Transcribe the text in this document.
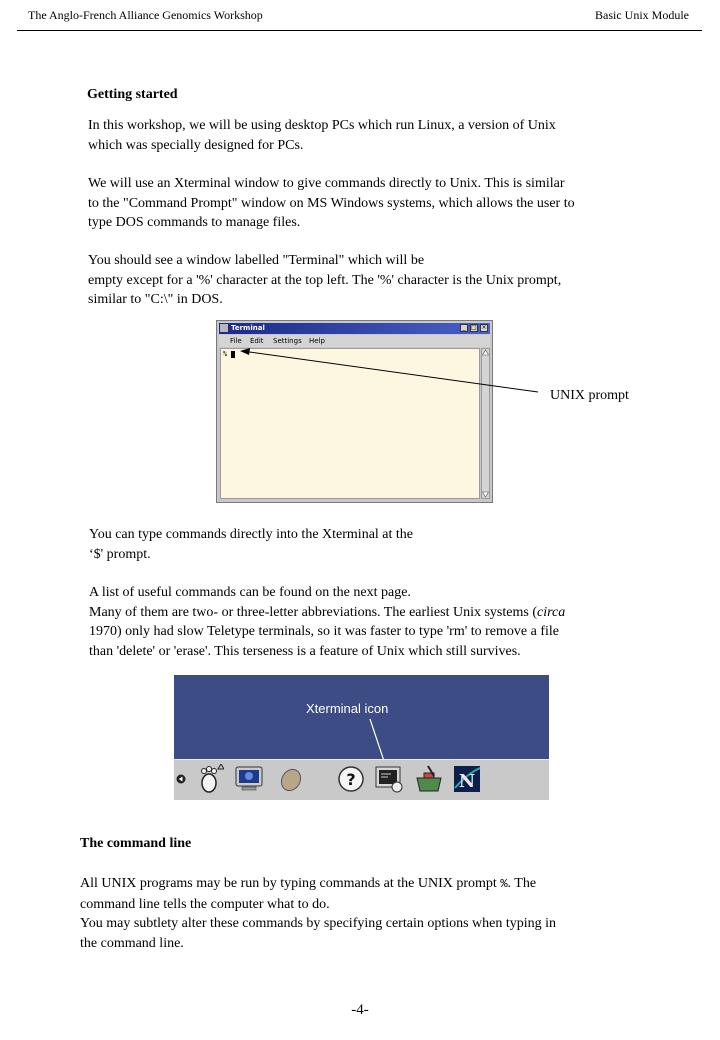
The Anglo-French Alliance Genomics Workshop	Basic Unix Module
Getting started

In this workshop, we will be using desktop PCs which run Linux, a version of Unix

which was specially designed for PCs.

We will use an Xterminal window to give commands directly to Unix. This is similar

to the "Command Prompt" window on MS Windows systems, which allows the user to

type DOS commands to manage files.

You should see a window labelled "Terminal" which will be

empty except for a '%' character at the top left. The '%' character is the Unix prompt,

similar to "C:\" in DOS.

Terminal	_ □ ×
File Edit Settings Help
%
UNIX prompt

You can type commands directly into the Xterminal at the

‘$' prompt.

A list of useful commands can be found on the next page.

Many of them are two- or three-letter abbreviations. The earliest Unix systems (circa

1970) only had slow Teletype terminals, so it was faster to type 'rm' to remove a file

than 'delete' or 'erase'. This terseness is a feature of Unix which still survives.

Xterminal icon
?	N
The command line

All UNIX programs may be run by typing commands at the UNIX prompt %. The

command line tells the computer what to do.

You may subtlety alter these commands by specifying certain options when typing in

the command line.

-4-
